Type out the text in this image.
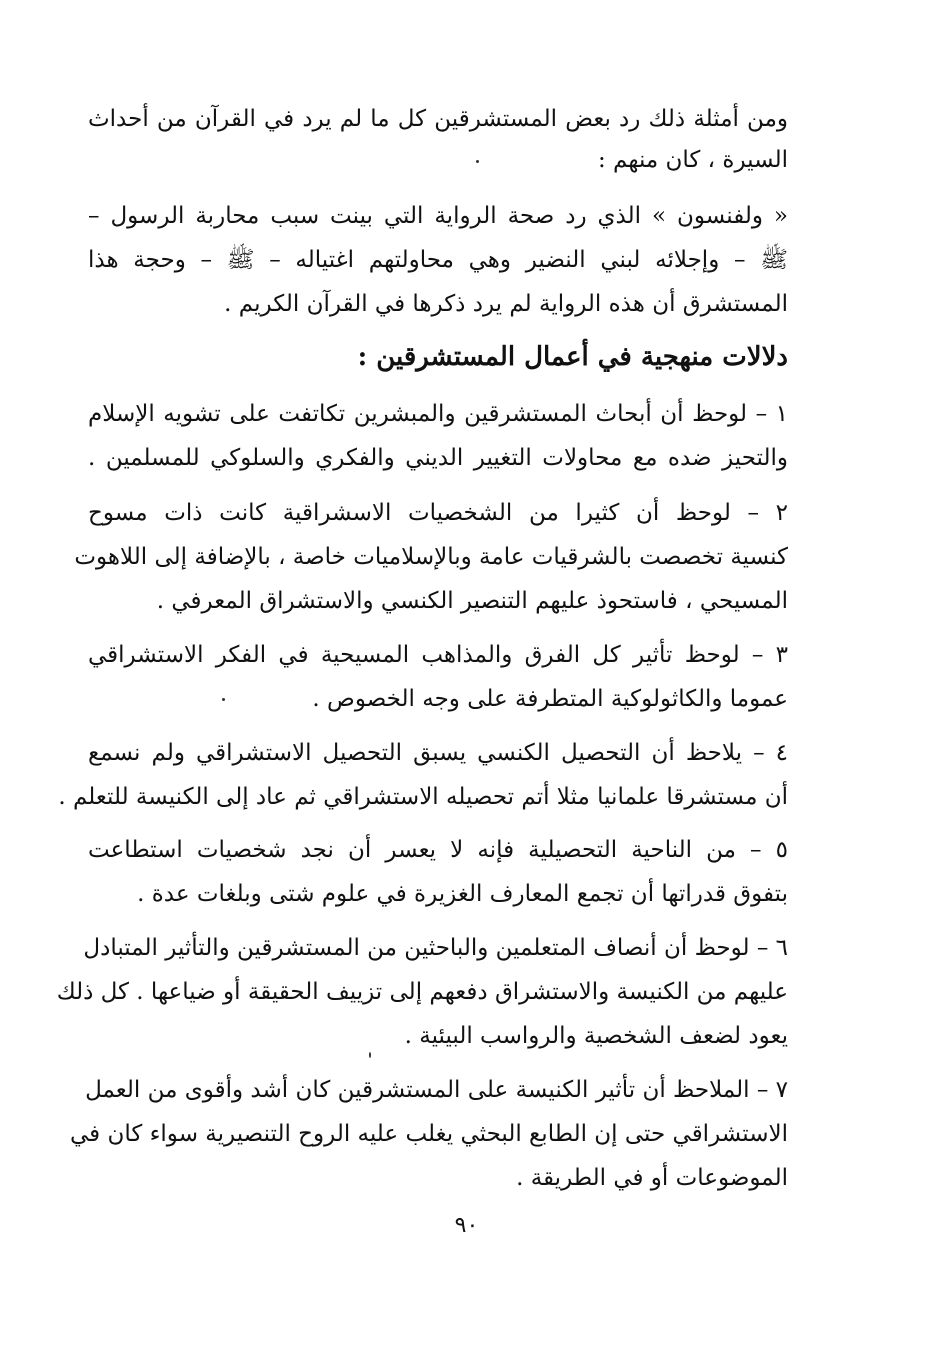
ومن أمثلة ذلك رد بعض المستشرقين كل ما لم يرد في القرآن من أحداث
السيرة ، كان منهم :
« ولفنسون » الذي رد صحة الرواية التي بينت سبب محاربة الرسول –
ﷺ – وإجلائه لبني النضير وهي محاولتهم اغتياله – ﷺ – وحجة هذا
المستشرق أن هذه الرواية لم يرد ذكرها في القرآن الكريم .
دلالات منهجية في أعمال المستشرقين :
١ – لوحظ أن أبحاث المستشرقين والمبشرين تكاتفت على تشويه الإسلام
والتحيز ضده مع محاولات التغيير الديني والفكري والسلوكي للمسلمين .
٢ – لوحظ أن كثيرا من الشخصيات الاسشراقية كانت ذات مسوح
كنسية تخصصت بالشرقيات عامة وبالإسلاميات خاصة ، بالإضافة إلى اللاهوت
المسيحي ، فاستحوذ عليهم التنصير الكنسي والاستشراق المعرفي .
٣ – لوحظ تأثير كل الفرق والمذاهب المسيحية في الفكر الاستشراقي
عموما والكاثولوكية المتطرفة على وجه الخصوص .
٤ – يلاحظ أن التحصيل الكنسي يسبق التحصيل الاستشراقي ولم نسمع
أن مستشرقا علمانيا مثلا أتم تحصيله الاستشراقي ثم عاد إلى الكنيسة للتعلم .
٥ – من الناحية التحصيلية فإنه لا يعسر أن نجد شخصيات استطاعت
بتفوق قدراتها أن تجمع المعارف الغزيرة في علوم شتى وبلغات عدة .
٦ – لوحظ أن أنصاف المتعلمين والباحثين من المستشرقين والتأثير المتبادل
عليهم من الكنيسة والاستشراق دفعهم إلى تزييف الحقيقة أو ضياعها . كل ذلك
يعود لضعف الشخصية والرواسب البيئية .
٧ – الملاحظ أن تأثير الكنيسة على المستشرقين كان أشد وأقوى من العمل
الاستشراقي حتى إن الطابع البحثي يغلب عليه الروح التنصيرية سواء كان في
الموضوعات أو في الطريقة .
٩٠
